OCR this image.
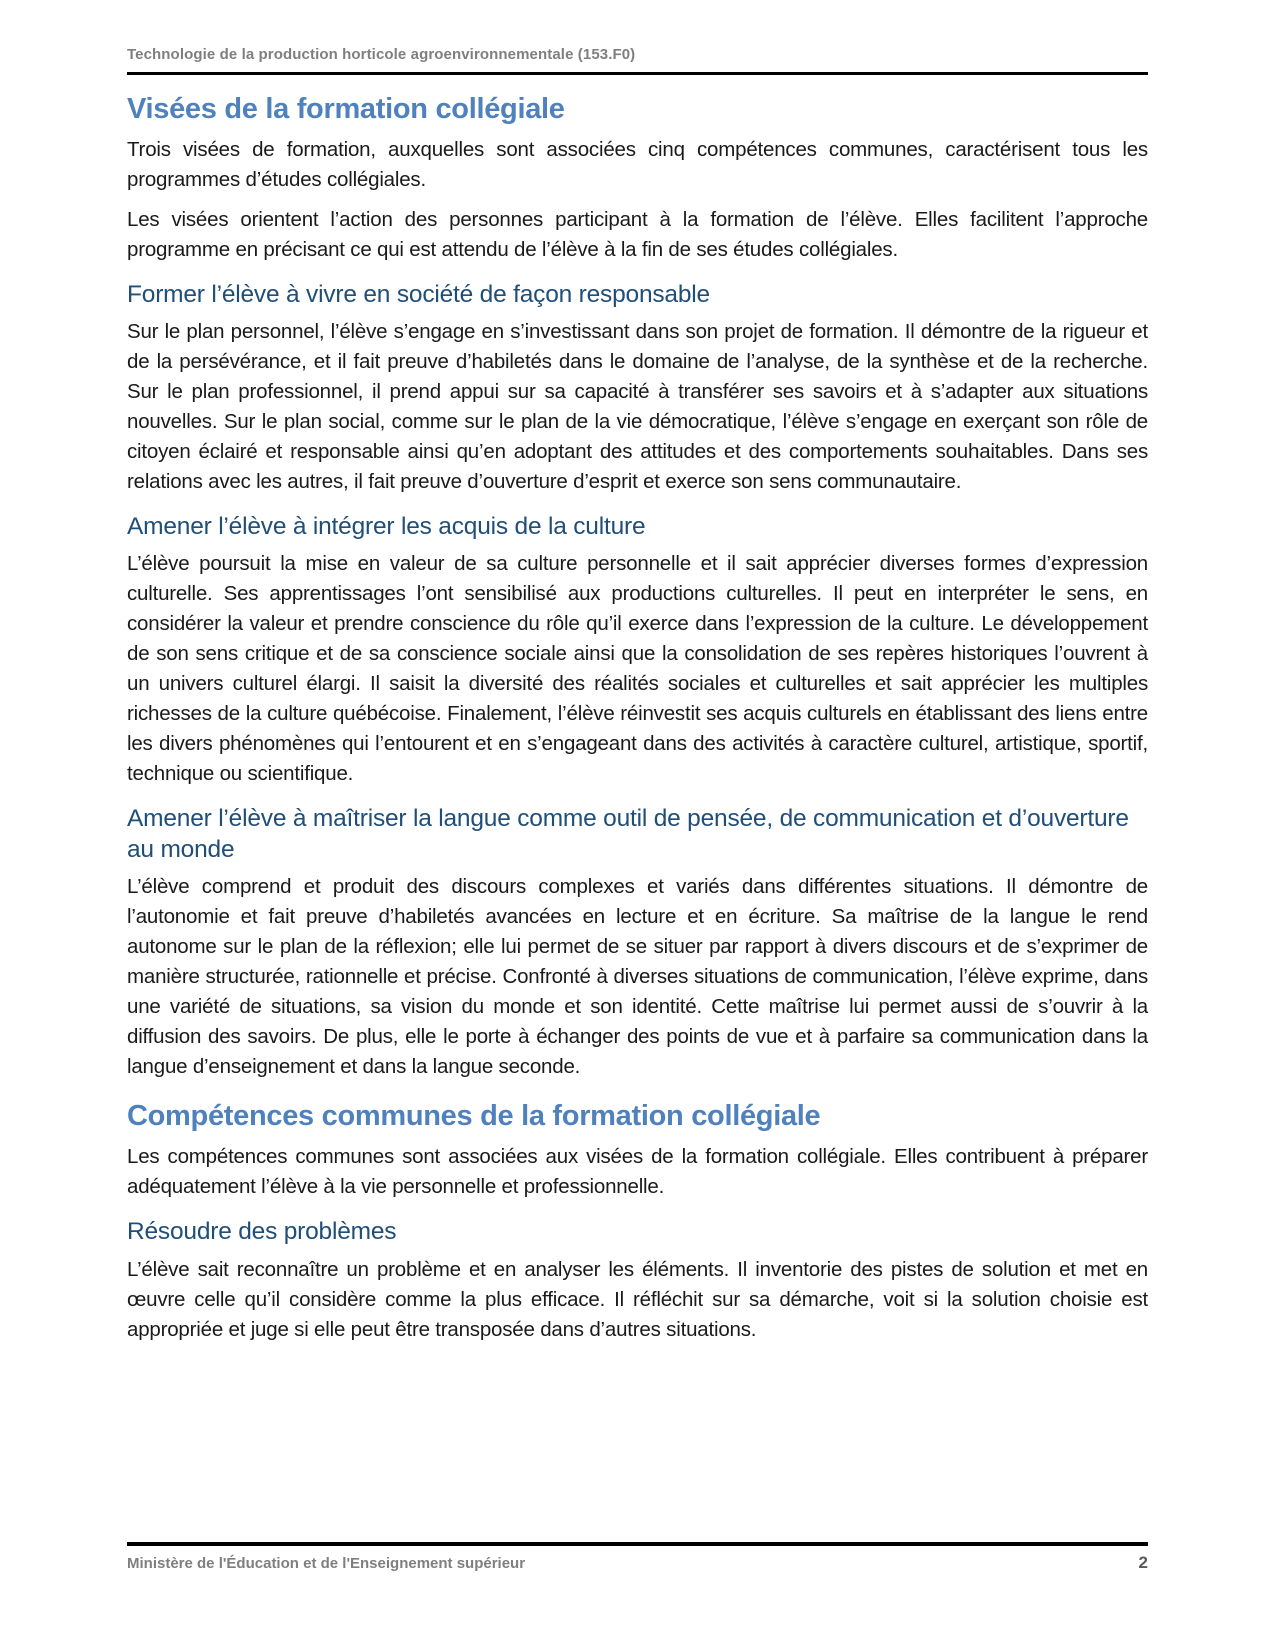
Technologie de la production horticole agroenvironnementale (153.F0)
Visées de la formation collégiale

Trois visées de formation, auxquelles sont associées cinq compétences communes, caractérisent tous les programmes d’études collégiales.

Les visées orientent l’action des personnes participant à la formation de l’élève. Elles facilitent l’approche programme en précisant ce qui est attendu de l’élève à la fin de ses études collégiales.

Former l’élève à vivre en société de façon responsable

Sur le plan personnel, l’élève s’engage en s’investissant dans son projet de formation. Il démontre de la rigueur et de la persévérance, et il fait preuve d’habiletés dans le domaine de l’analyse, de la synthèse et de la recherche. Sur le plan professionnel, il prend appui sur sa capacité à transférer ses savoirs et à s’adapter aux situations nouvelles. Sur le plan social, comme sur le plan de la vie démocratique, l’élève s’engage en exerçant son rôle de citoyen éclairé et responsable ainsi qu’en adoptant des attitudes et des comportements souhaitables. Dans ses relations avec les autres, il fait preuve d’ouverture d’esprit et exerce son sens communautaire.

Amener l’élève à intégrer les acquis de la culture

L’élève poursuit la mise en valeur de sa culture personnelle et il sait apprécier diverses formes d’expression culturelle. Ses apprentissages l’ont sensibilisé aux productions culturelles. Il peut en interpréter le sens, en considérer la valeur et prendre conscience du rôle qu’il exerce dans l’expression de la culture. Le développement de son sens critique et de sa conscience sociale ainsi que la consolidation de ses repères historiques l’ouvrent à un univers culturel élargi. Il saisit la diversité des réalités sociales et culturelles et sait apprécier les multiples richesses de la culture québécoise. Finalement, l’élève réinvestit ses acquis culturels en établissant des liens entre les divers phénomènes qui l’entourent et en s’engageant dans des activités à caractère culturel, artistique, sportif, technique ou scientifique.

Amener l’élève à maîtriser la langue comme outil de pensée, de communication et d’ouverture au monde

L’élève comprend et produit des discours complexes et variés dans différentes situations. Il démontre de l’autonomie et fait preuve d’habiletés avancées en lecture et en écriture. Sa maîtrise de la langue le rend autonome sur le plan de la réflexion; elle lui permet de se situer par rapport à divers discours et de s’exprimer de manière structurée, rationnelle et précise. Confronté à diverses situations de communication, l’élève exprime, dans une variété de situations, sa vision du monde et son identité. Cette maîtrise lui permet aussi de s’ouvrir à la diffusion des savoirs. De plus, elle le porte à échanger des points de vue et à parfaire sa communication dans la langue d’enseignement et dans la langue seconde.

Compétences communes de la formation collégiale

Les compétences communes sont associées aux visées de la formation collégiale. Elles contribuent à préparer adéquatement l’élève à la vie personnelle et professionnelle.

Résoudre des problèmes

L’élève sait reconnaître un problème et en analyser les éléments. Il inventorie des pistes de solution et met en œuvre celle qu’il considère comme la plus efficace. Il réfléchit sur sa démarche, voit si la solution choisie est appropriée et juge si elle peut être transposée dans d’autres situations.

Ministère de l'Éducation et de l'Enseignement supérieur	2
